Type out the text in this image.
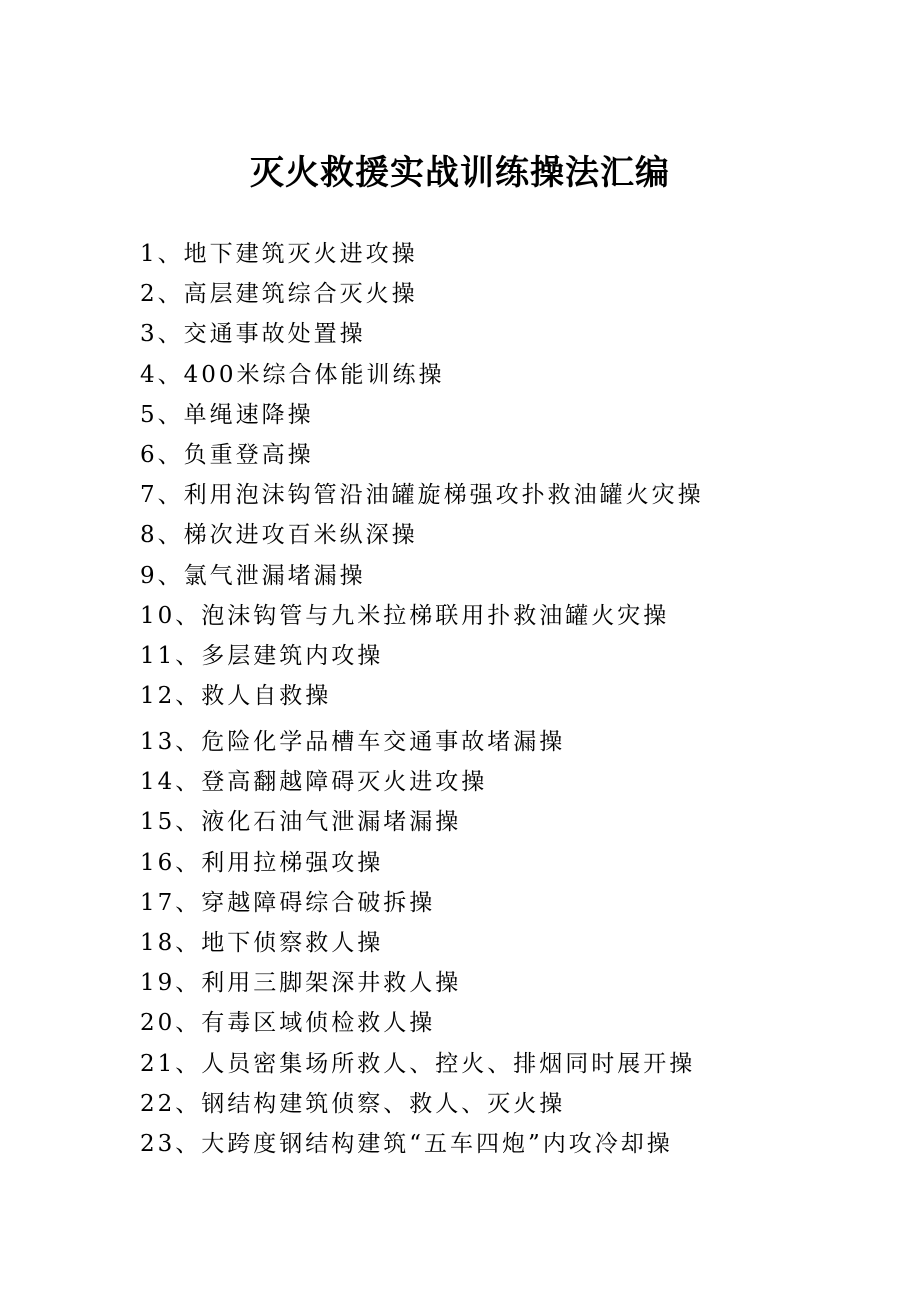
灭火救援实战训练操法汇编
1、地下建筑灭火进攻操
2、高层建筑综合灭火操
3、交通事故处置操
4、400米综合体能训练操
5、单绳速降操
6、负重登高操
7、利用泡沫钩管沿油罐旋梯强攻扑救油罐火灾操
8、梯次进攻百米纵深操
9、氯气泄漏堵漏操
10、泡沫钩管与九米拉梯联用扑救油罐火灾操
11、多层建筑内攻操
12、救人自救操
13、危险化学品槽车交通事故堵漏操
14、登高翻越障碍灭火进攻操
15、液化石油气泄漏堵漏操
16、利用拉梯强攻操
17、穿越障碍综合破拆操
18、地下侦察救人操
19、利用三脚架深井救人操
20、有毒区域侦检救人操
21、人员密集场所救人、控火、排烟同时展开操
22、钢结构建筑侦察、救人、灭火操
23、大跨度钢结构建筑“五车四炮”内攻冷却操
